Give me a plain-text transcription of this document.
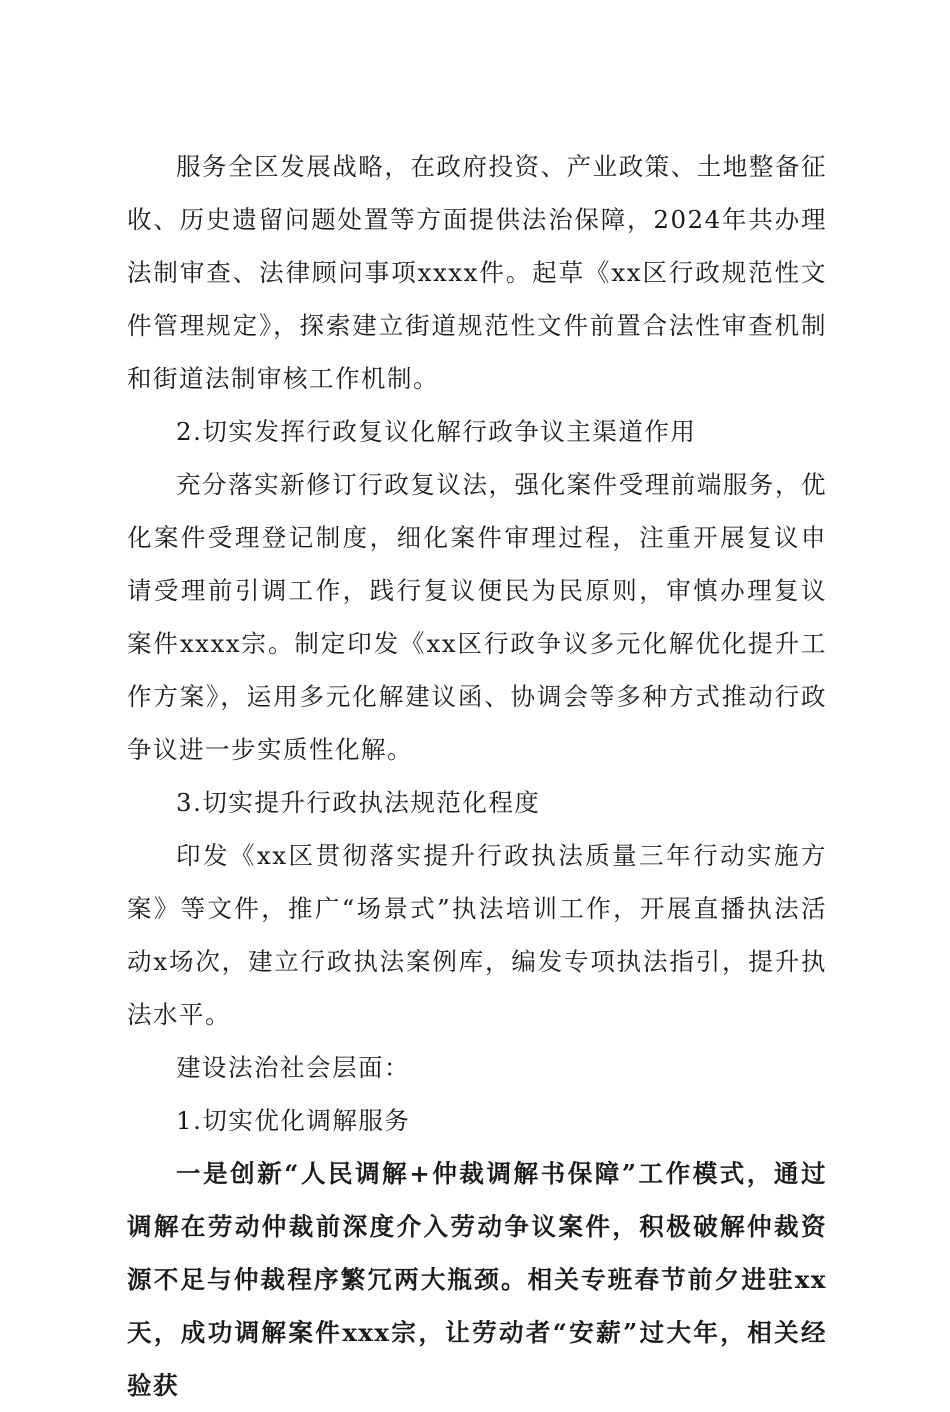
服务全区发展战略，在政府投资、产业政策、土地整备征收、历史遗留问题处置等方面提供法治保障，2024年共办理法制审查、法律顾问事项xxxx件。起草《xx区行政规范性文件管理规定》，探索建立街道规范性文件前置合法性审查机制和街道法制审核工作机制。

2.切实发挥行政复议化解行政争议主渠道作用

充分落实新修订行政复议法，强化案件受理前端服务，优化案件受理登记制度，细化案件审理过程，注重开展复议申请受理前引调工作，践行复议便民为民原则，审慎办理复议案件xxxx宗。制定印发《xx区行政争议多元化解优化提升工作方案》，运用多元化解建议函、协调会等多种方式推动行政争议进一步实质性化解。

3.切实提升行政执法规范化程度

印发《xx区贯彻落实提升行政执法质量三年行动实施方案》等文件，推广“场景式”执法培训工作，开展直播执法活动x场次，建立行政执法案例库，编发专项执法指引，提升执法水平。

建设法治社会层面：

1.切实优化调解服务

一是创新“人民调解+仲裁调解书保障”工作模式，通过调解在劳动仲裁前深度介入劳动争议案件，积极破解仲裁资源不足与仲裁程序繁冗两大瓶颈。相关专班春节前夕进驻xx天，成功调解案件xxx宗，让劳动者“安薪”过大年，相关经验获
